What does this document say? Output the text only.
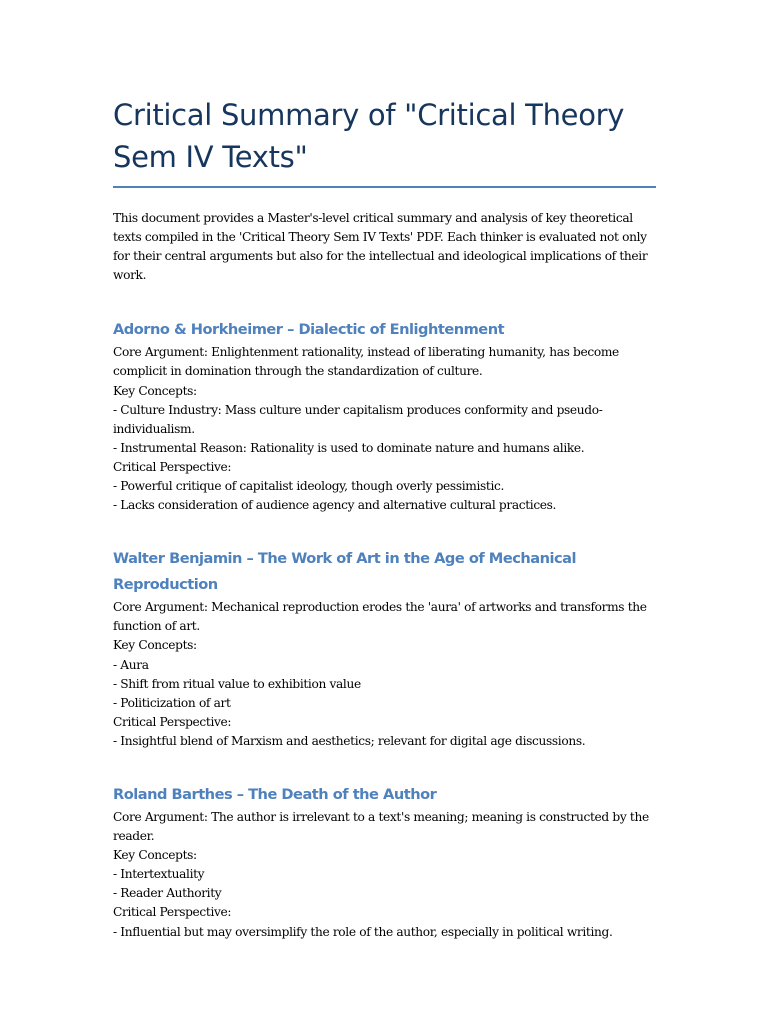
Critical Summary of "Critical Theory Sem IV Texts"

This document provides a Master's-level critical summary and analysis of key theoretical texts compiled in the 'Critical Theory Sem IV Texts' PDF. Each thinker is evaluated not only for their central arguments but also for the intellectual and ideological implications of their work.

Adorno & Horkheimer – Dialectic of Enlightenment

Core Argument: Enlightenment rationality, instead of liberating humanity, has become complicit in domination through the standardization of culture.

Key Concepts:

- Culture Industry: Mass culture under capitalism produces conformity and pseudo-individualism.

- Instrumental Reason: Rationality is used to dominate nature and humans alike.

Critical Perspective:

- Powerful critique of capitalist ideology, though overly pessimistic.

- Lacks consideration of audience agency and alternative cultural practices.

Walter Benjamin – The Work of Art in the Age of Mechanical Reproduction

Core Argument: Mechanical reproduction erodes the 'aura' of artworks and transforms the function of art.

Key Concepts:

- Aura

- Shift from ritual value to exhibition value

- Politicization of art

Critical Perspective:

- Insightful blend of Marxism and aesthetics; relevant for digital age discussions.

Roland Barthes – The Death of the Author

Core Argument: The author is irrelevant to a text's meaning; meaning is constructed by the reader.

Key Concepts:

- Intertextuality

- Reader Authority

Critical Perspective:

- Influential but may oversimplify the role of the author, especially in political writing.
